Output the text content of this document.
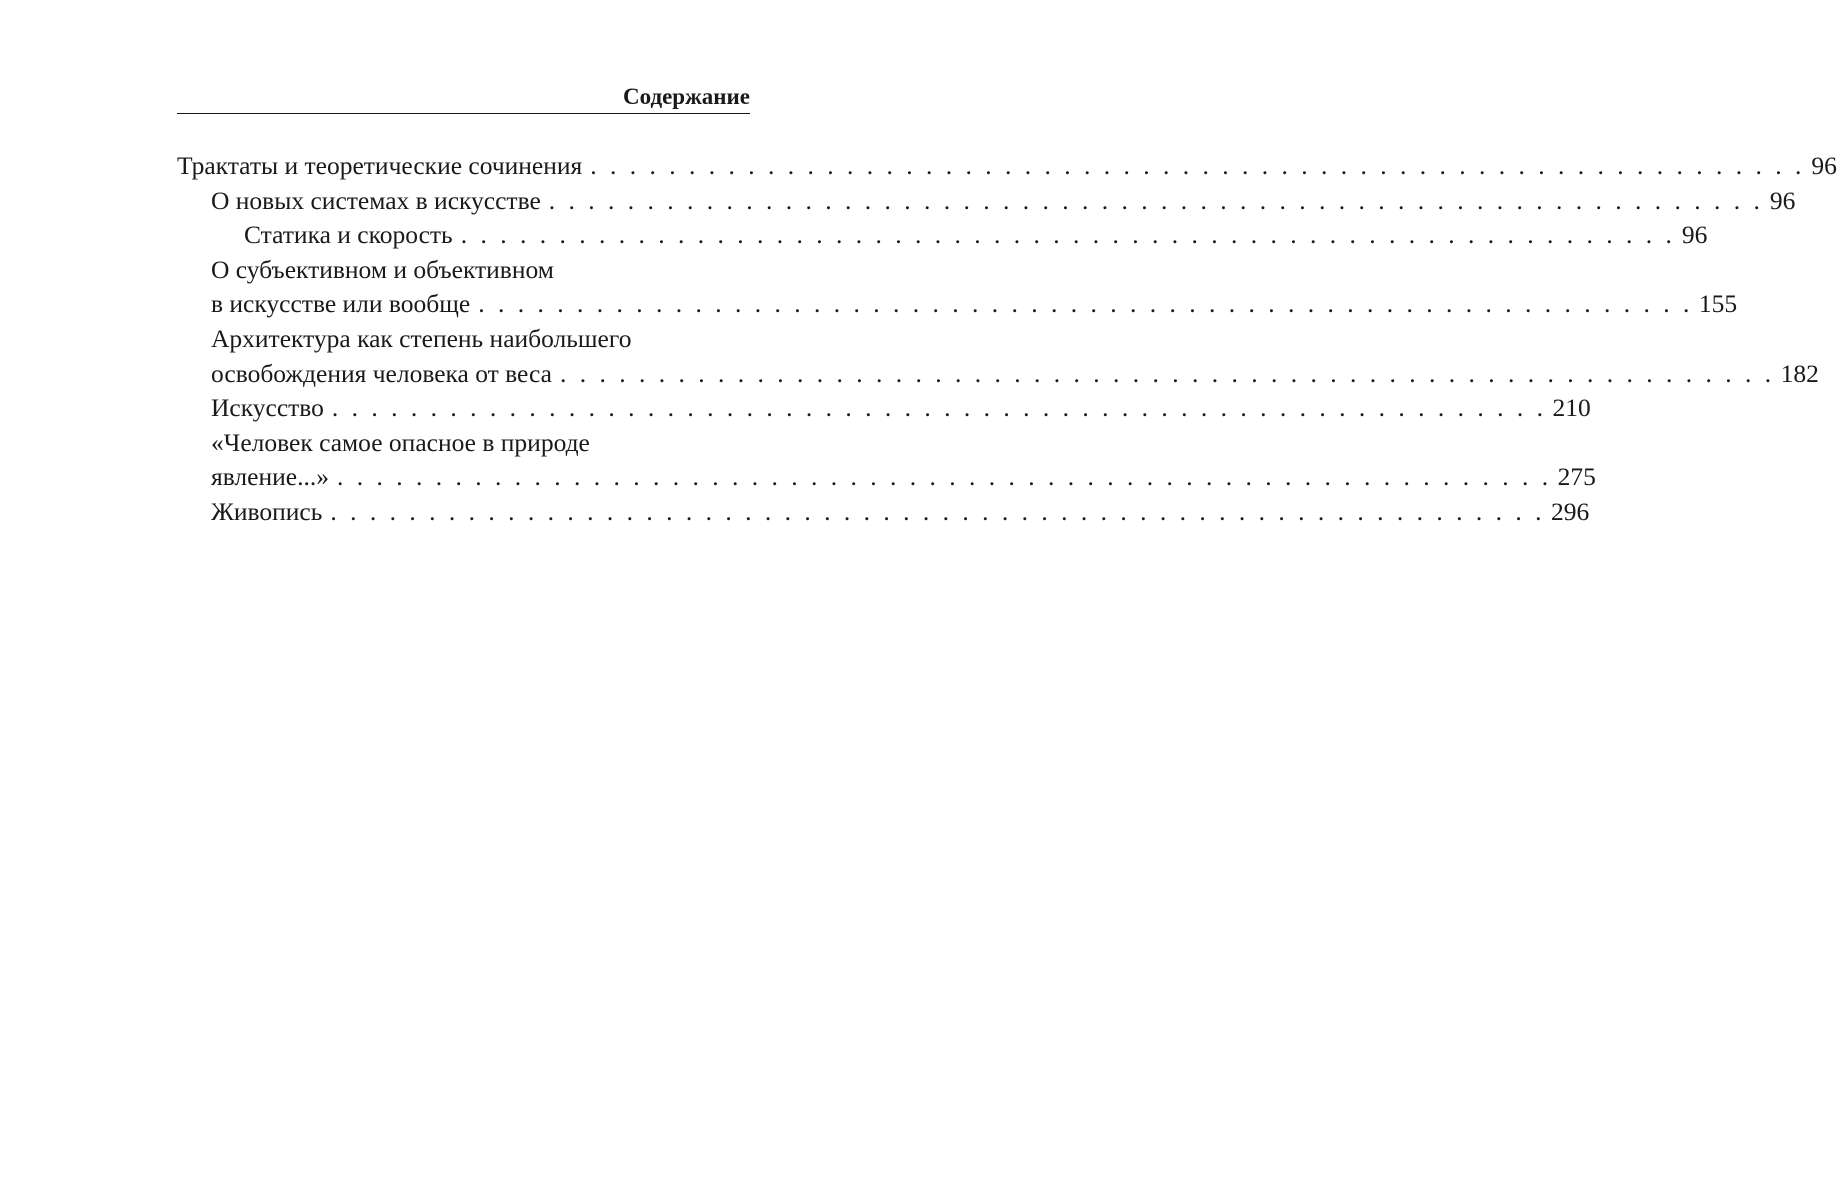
Содержание
Трактаты и теоретические сочинения . . . . . . . . . . . . . . . . . . . . . . . . . . . . . . . . . . . . . . . . . . . . . . . . . . . . . . . . . . . . . . 96
О новых системах в искусстве . . . . . . . . . . . . . . . . . . . . . . . . . . . . . . . . . . . . . . . . . . . . . . . . . . . . . . . . . . . . . . 96
Статика и скорость . . . . . . . . . . . . . . . . . . . . . . . . . . . . . . . . . . . . . . . . . . . . . . . . . . . . . . . . . . . . . . 96
О субъективном и объективном
в искусстве или вообще . . . . . . . . . . . . . . . . . . . . . . . . . . . . . . . . . . . . . . . . . . . . . . . . . . . . . . . . . . . . . . 155
Архитектура как степень наибольшего
освобождения человека от веса . . . . . . . . . . . . . . . . . . . . . . . . . . . . . . . . . . . . . . . . . . . . . . . . . . . . . . . . . . . . . . 182
Искусство . . . . . . . . . . . . . . . . . . . . . . . . . . . . . . . . . . . . . . . . . . . . . . . . . . . . . . . . . . . . . . 210
«Человек самое опасное в природе
явление...» . . . . . . . . . . . . . . . . . . . . . . . . . . . . . . . . . . . . . . . . . . . . . . . . . . . . . . . . . . . . . . 275
Живопись . . . . . . . . . . . . . . . . . . . . . . . . . . . . . . . . . . . . . . . . . . . . . . . . . . . . . . . . . . . . . . 296
